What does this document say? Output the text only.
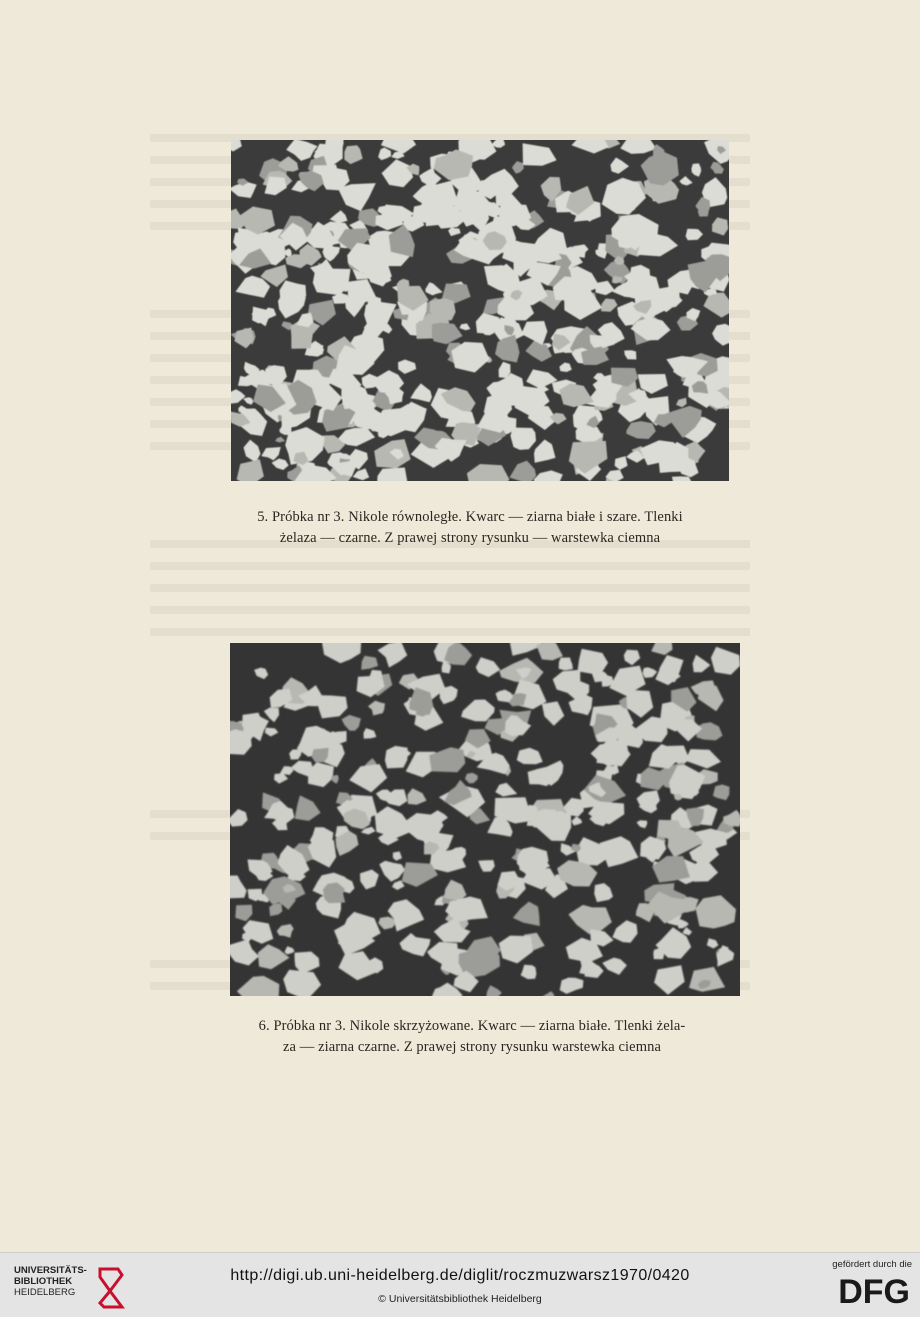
5. Próbka nr 3. Nikole równoległe. Kwarc — ziarna białe i szare. Tlenki
żelaza — czarne. Z prawej strony rysunku — warstewka ciemna
6. Próbka nr 3. Nikole skrzyżowane. Kwarc — ziarna białe. Tlenki żela-
za — ziarna czarne. Z prawej strony rysunku warstewka ciemna
UNIVERSITÄTS-
BIBLIOTHEK
HEIDELBERG
http://digi.ub.uni-heidelberg.de/diglit/roczmuzwarsz1970/0420
© Universitätsbibliothek Heidelberg
gefördert durch die
DFG
